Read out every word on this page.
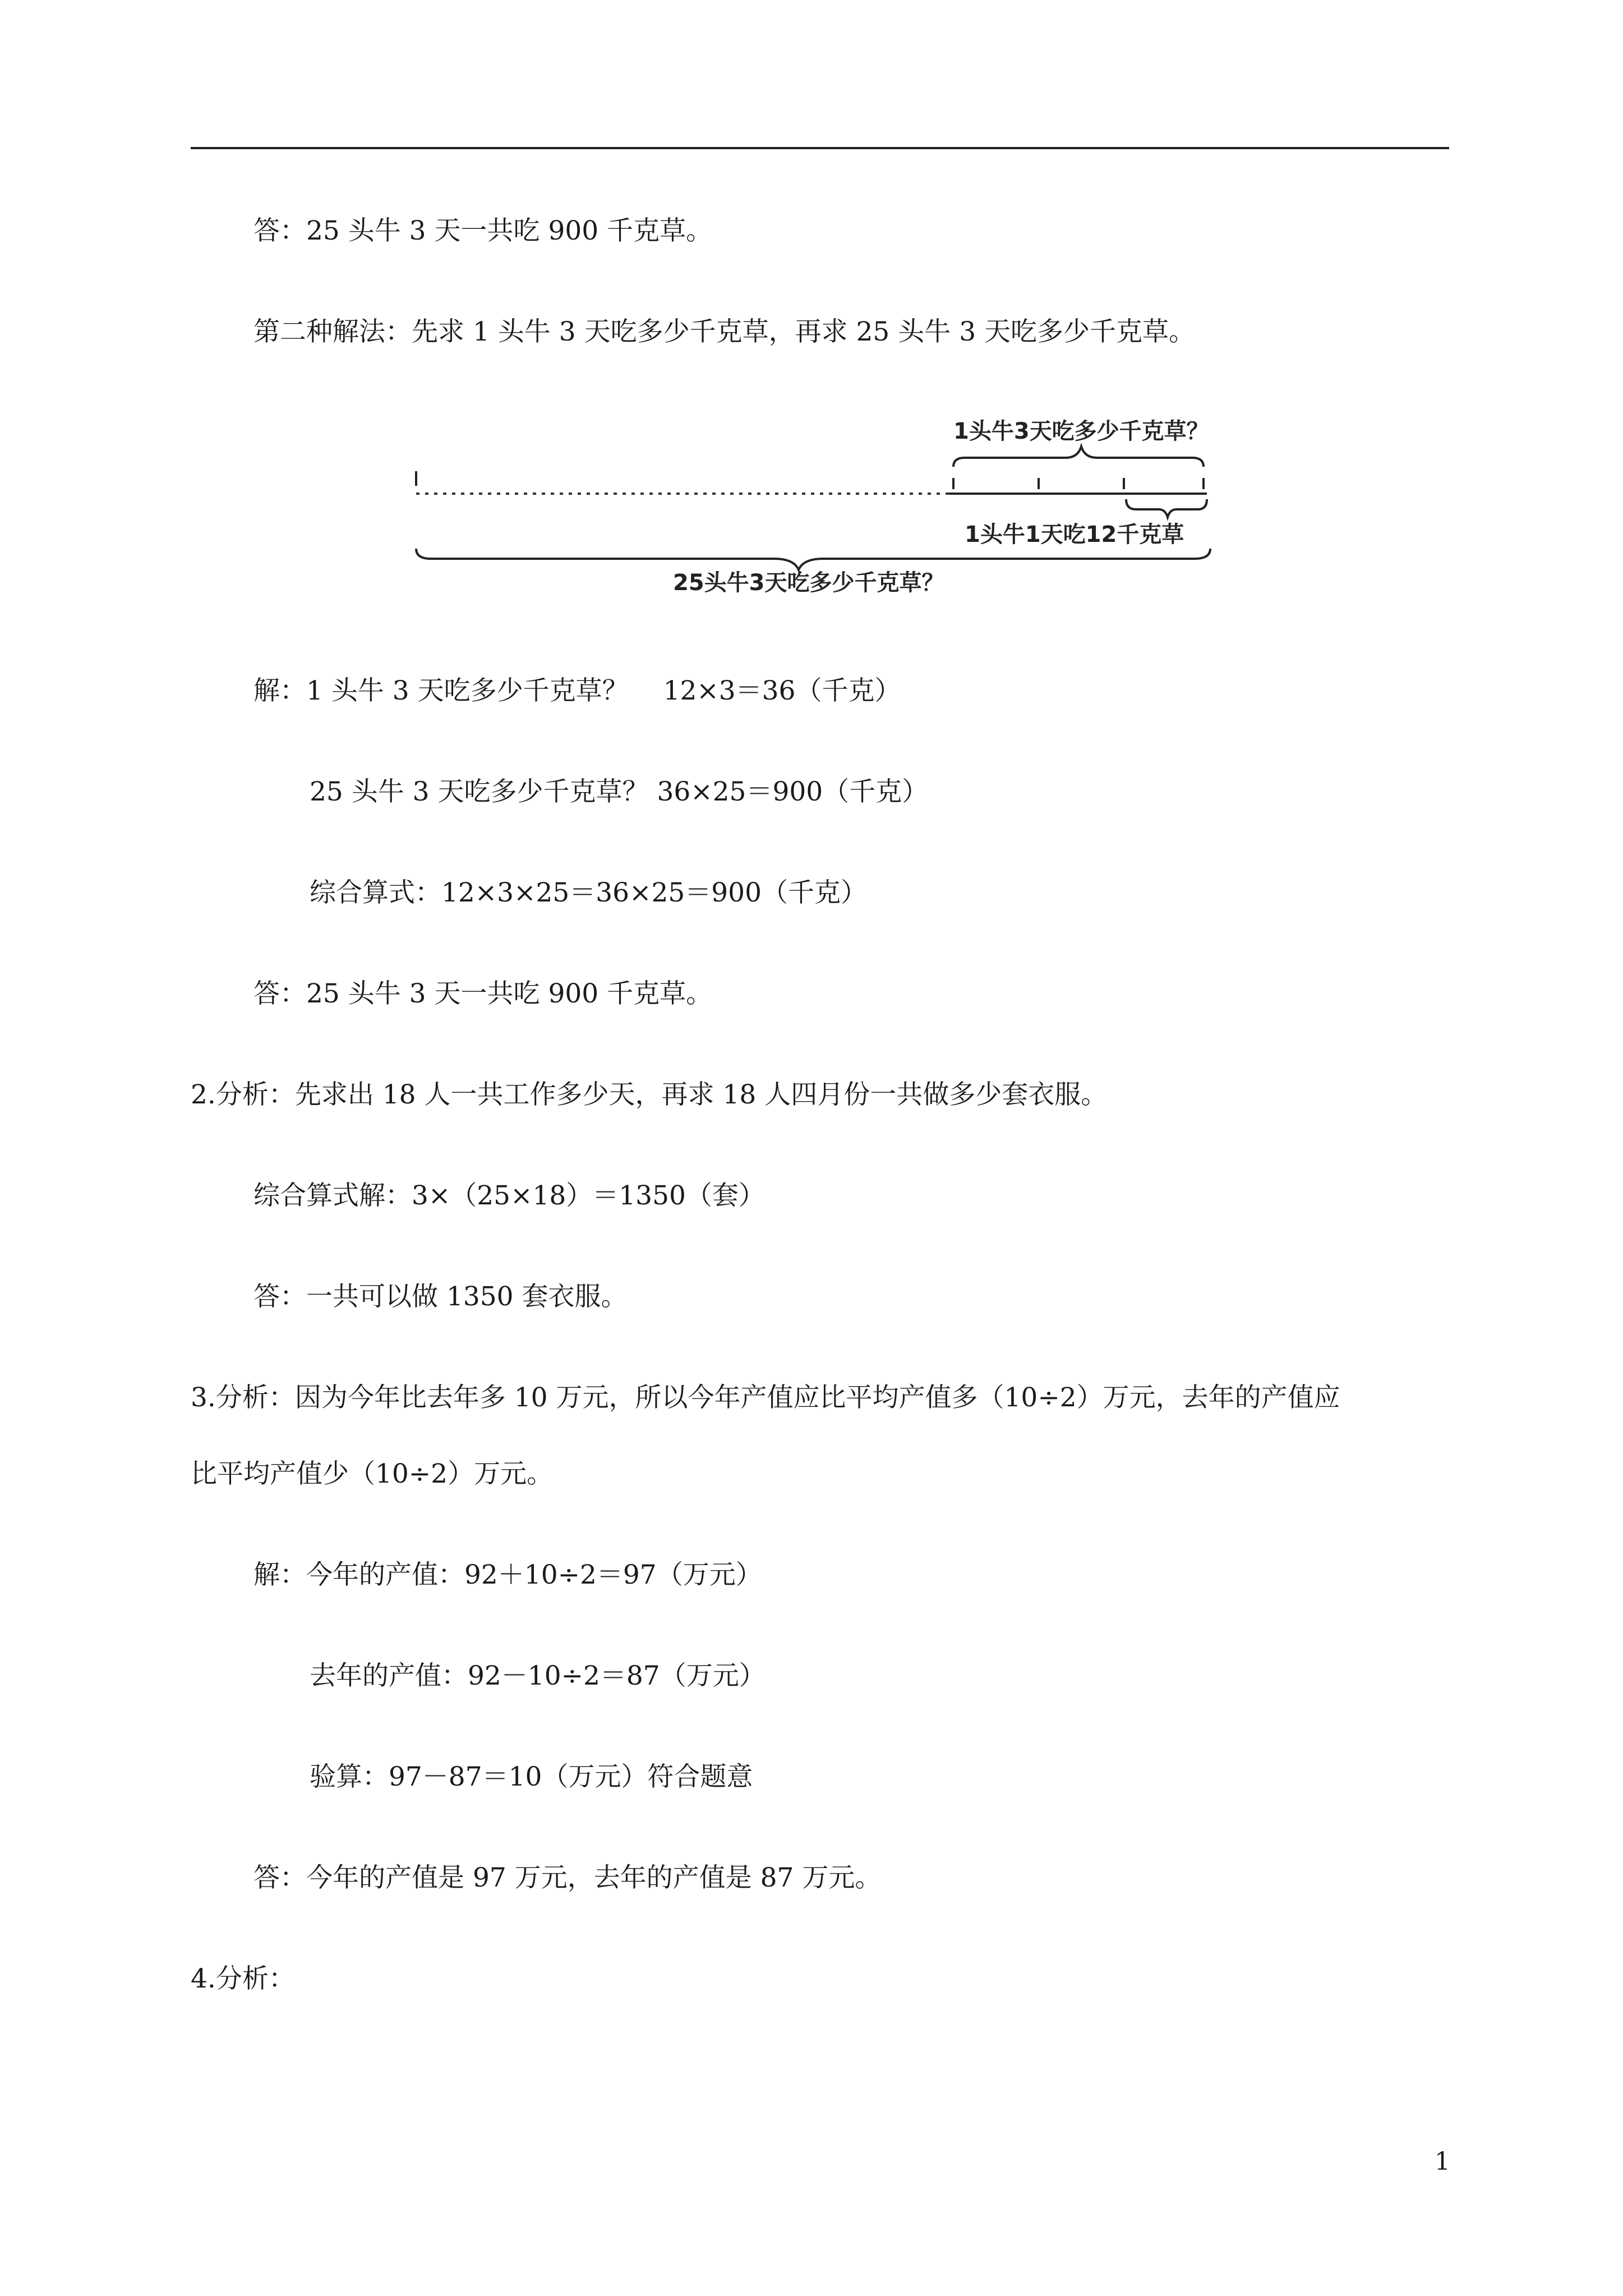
答：25 头牛 3 天一共吃 900 千克草。
第二种解法：先求 1 头牛 3 天吃多少千克草，再求 25 头牛 3 天吃多少千克草。
1头牛3天吃多少千克草？
1头牛1天吃12千克草
25头牛3天吃多少千克草？
解：1 头牛 3 天吃多少千克草？　 12×3＝36（千克）
25 头牛 3 天吃多少千克草？ 36×25＝900（千克）
综合算式：12×3×25＝36×25＝900（千克）
答：25 头牛 3 天一共吃 900 千克草。
2.分析：先求出 18 人一共工作多少天，再求 18 人四月份一共做多少套衣服。
综合算式解：3×（25×18）＝1350（套）
答：一共可以做 1350 套衣服。
3.分析：因为今年比去年多 10 万元，所以今年产值应比平均产值多（10÷2）万元，去年的产值应
比平均产值少（10÷2）万元。
解：今年的产值：92＋10÷2＝97（万元）
去年的产值：92－10÷2＝87（万元）
验算：97－87＝10（万元）符合题意
答：今年的产值是 97 万元，去年的产值是 87 万元。
4.分析：
1
